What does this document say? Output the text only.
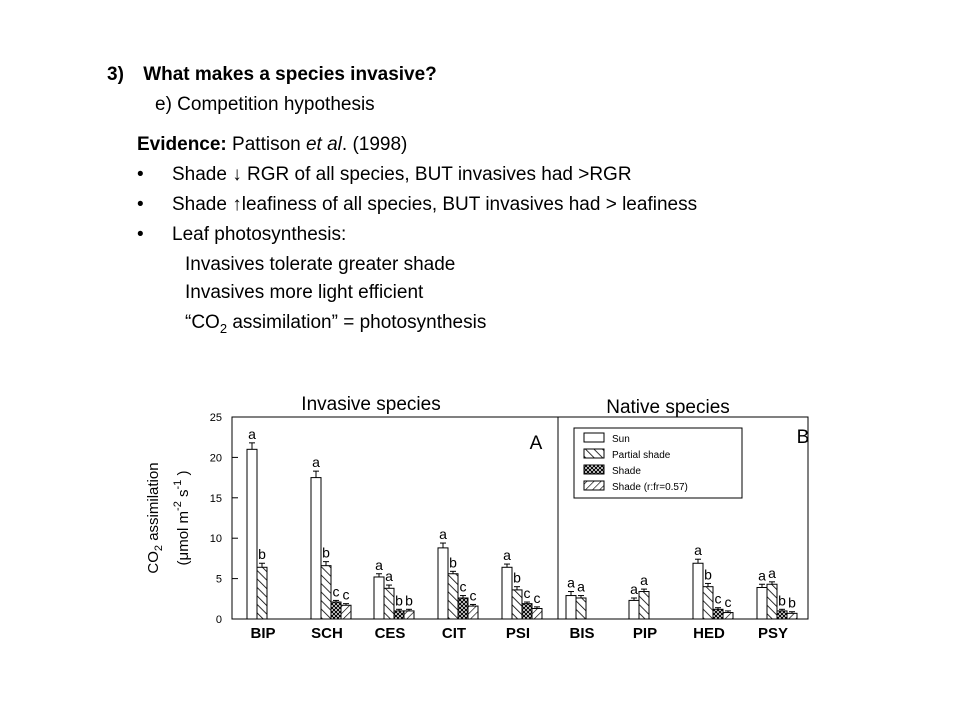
3) What makes a species invasive?
e) Competition hypothesis
Evidence: Pattison et al. (1998)
• Shade ↓ RGR of all species, BUT invasives had >RGR
• Shade ↑leafiness of all species, BUT invasives had > leafiness
• Leaf photosynthesis:
Invasives tolerate greater shade
Invasives more light efficient
“$CO_2$ assimilation” = photosynthesis
Invasive species	Native species
A	B
0
5
10
15
20
25
$CO_2$ assimilation
(μmol $m^{-2}$ $s^{-1}$ )
a
b
a
b
c c
a
a
b b
a
b
c
c
a
b
c c
a a	a
a
a
b
c c
a a
b b
BIP SCH CES CIT	PSI	BIS	PIP HED PSY
Sun
Partial shade
Shade
Shade (r:fr=0.57)
